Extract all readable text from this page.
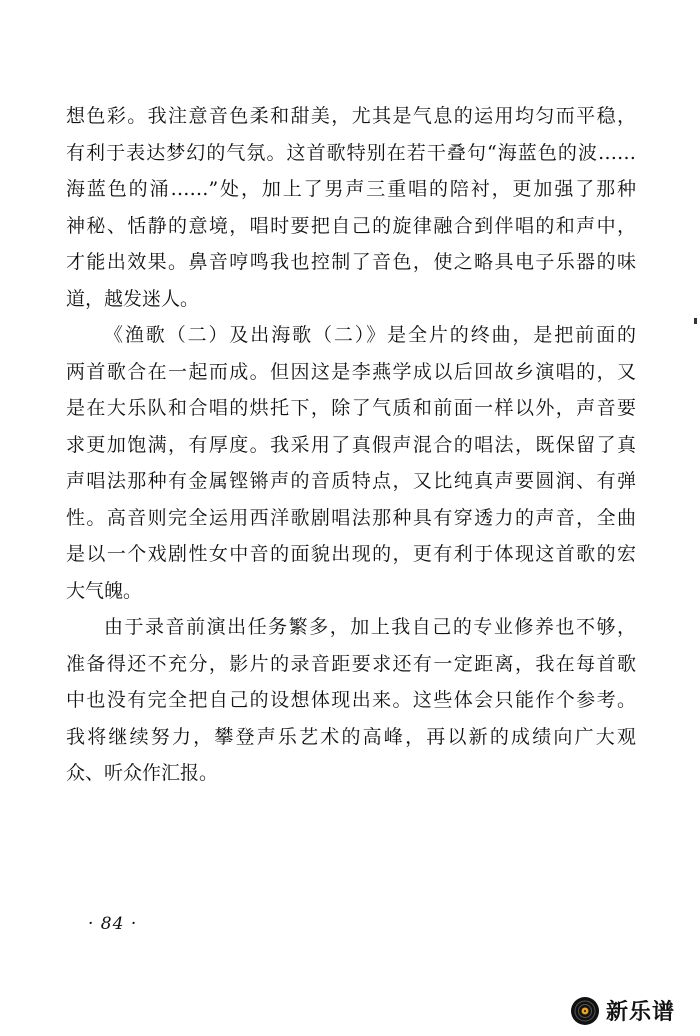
想色彩。我注意音色柔和甜美，尤其是气息的运用均匀而平稳，
有利于表达梦幻的气氛。这首歌特别在若干叠句“海蓝色的波……
海蓝色的涌……”处，加上了男声三重唱的陪衬，更加强了那种
神秘、恬静的意境，唱时要把自己的旋律融合到伴唱的和声中，
才能出效果。鼻音哼鸣我也控制了音色，使之略具电子乐器的味
道，越发迷人。

《渔歌（二）及出海歌（二）》是全片的终曲，是把前面的
两首歌合在一起而成。但因这是李燕学成以后回故乡演唱的，又
是在大乐队和合唱的烘托下，除了气质和前面一样以外，声音要
求更加饱满，有厚度。我采用了真假声混合的唱法，既保留了真
声唱法那种有金属铿锵声的音质特点，又比纯真声要圆润、有弹
性。高音则完全运用西洋歌剧唱法那种具有穿透力的声音，全曲
是以一个戏剧性女中音的面貌出现的，更有利于体现这首歌的宏
大气魄。

由于录音前演出任务繁多，加上我自己的专业修养也不够，
准备得还不充分，影片的录音距要求还有一定距离，我在每首歌
中也没有完全把自己的设想体现出来。这些体会只能作个参考。
我将继续努力，攀登声乐艺术的高峰，再以新的成绩向广大观
众、听众作汇报。

· 84 ·
新乐谱
